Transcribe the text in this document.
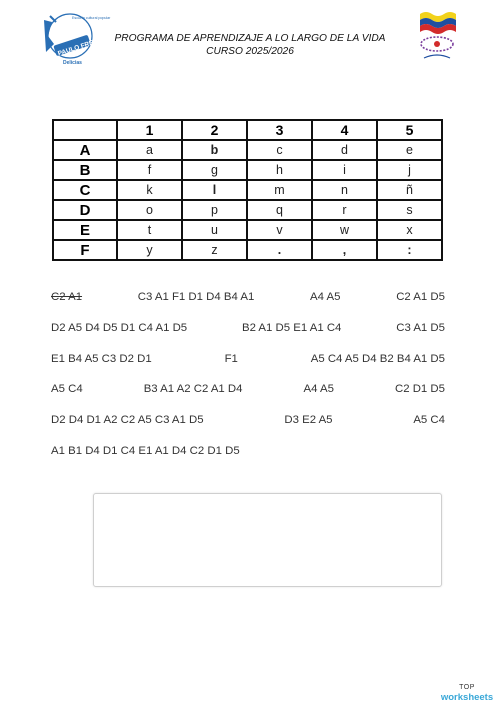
PAULO FREIRE
Escuela cultural popular
Delicias
PROGRAMA DE APRENDIZAJE A LO LARGO DE LA VIDA
CURSO 2025/2026
	1	2	3	4	5
A	a	b	c	d	e
B	f	g	h	i	j
C	k	l	m	n	ñ
D	o	p	q	r	s
E	t	u	v	w	x
F	y	z	.	,	:
C2 A1	C3 A1 F1 D1 D4 B4 A1	A4 A5	C2 A1 D5
D2 A5 D4 D5 D1 C4 A1 D5	B2 A1 D5 E1 A1 C4	C3 A1 D5
E1 B4 A5 C3 D2 D1	F1	A5 C4 A5 D4 B2 B4 A1 D5
A5 C4	B3 A1 A2 C2 A1 D4	A4 A5	C2 D1 D5
D2 D4 D1 A2 C2 A5 C3 A1 D5	D3 E2 A5	A5 C4
A1 B1 D4 D1 C4 E1 A1 D4 C2 D1 D5
TOP
worksheets
